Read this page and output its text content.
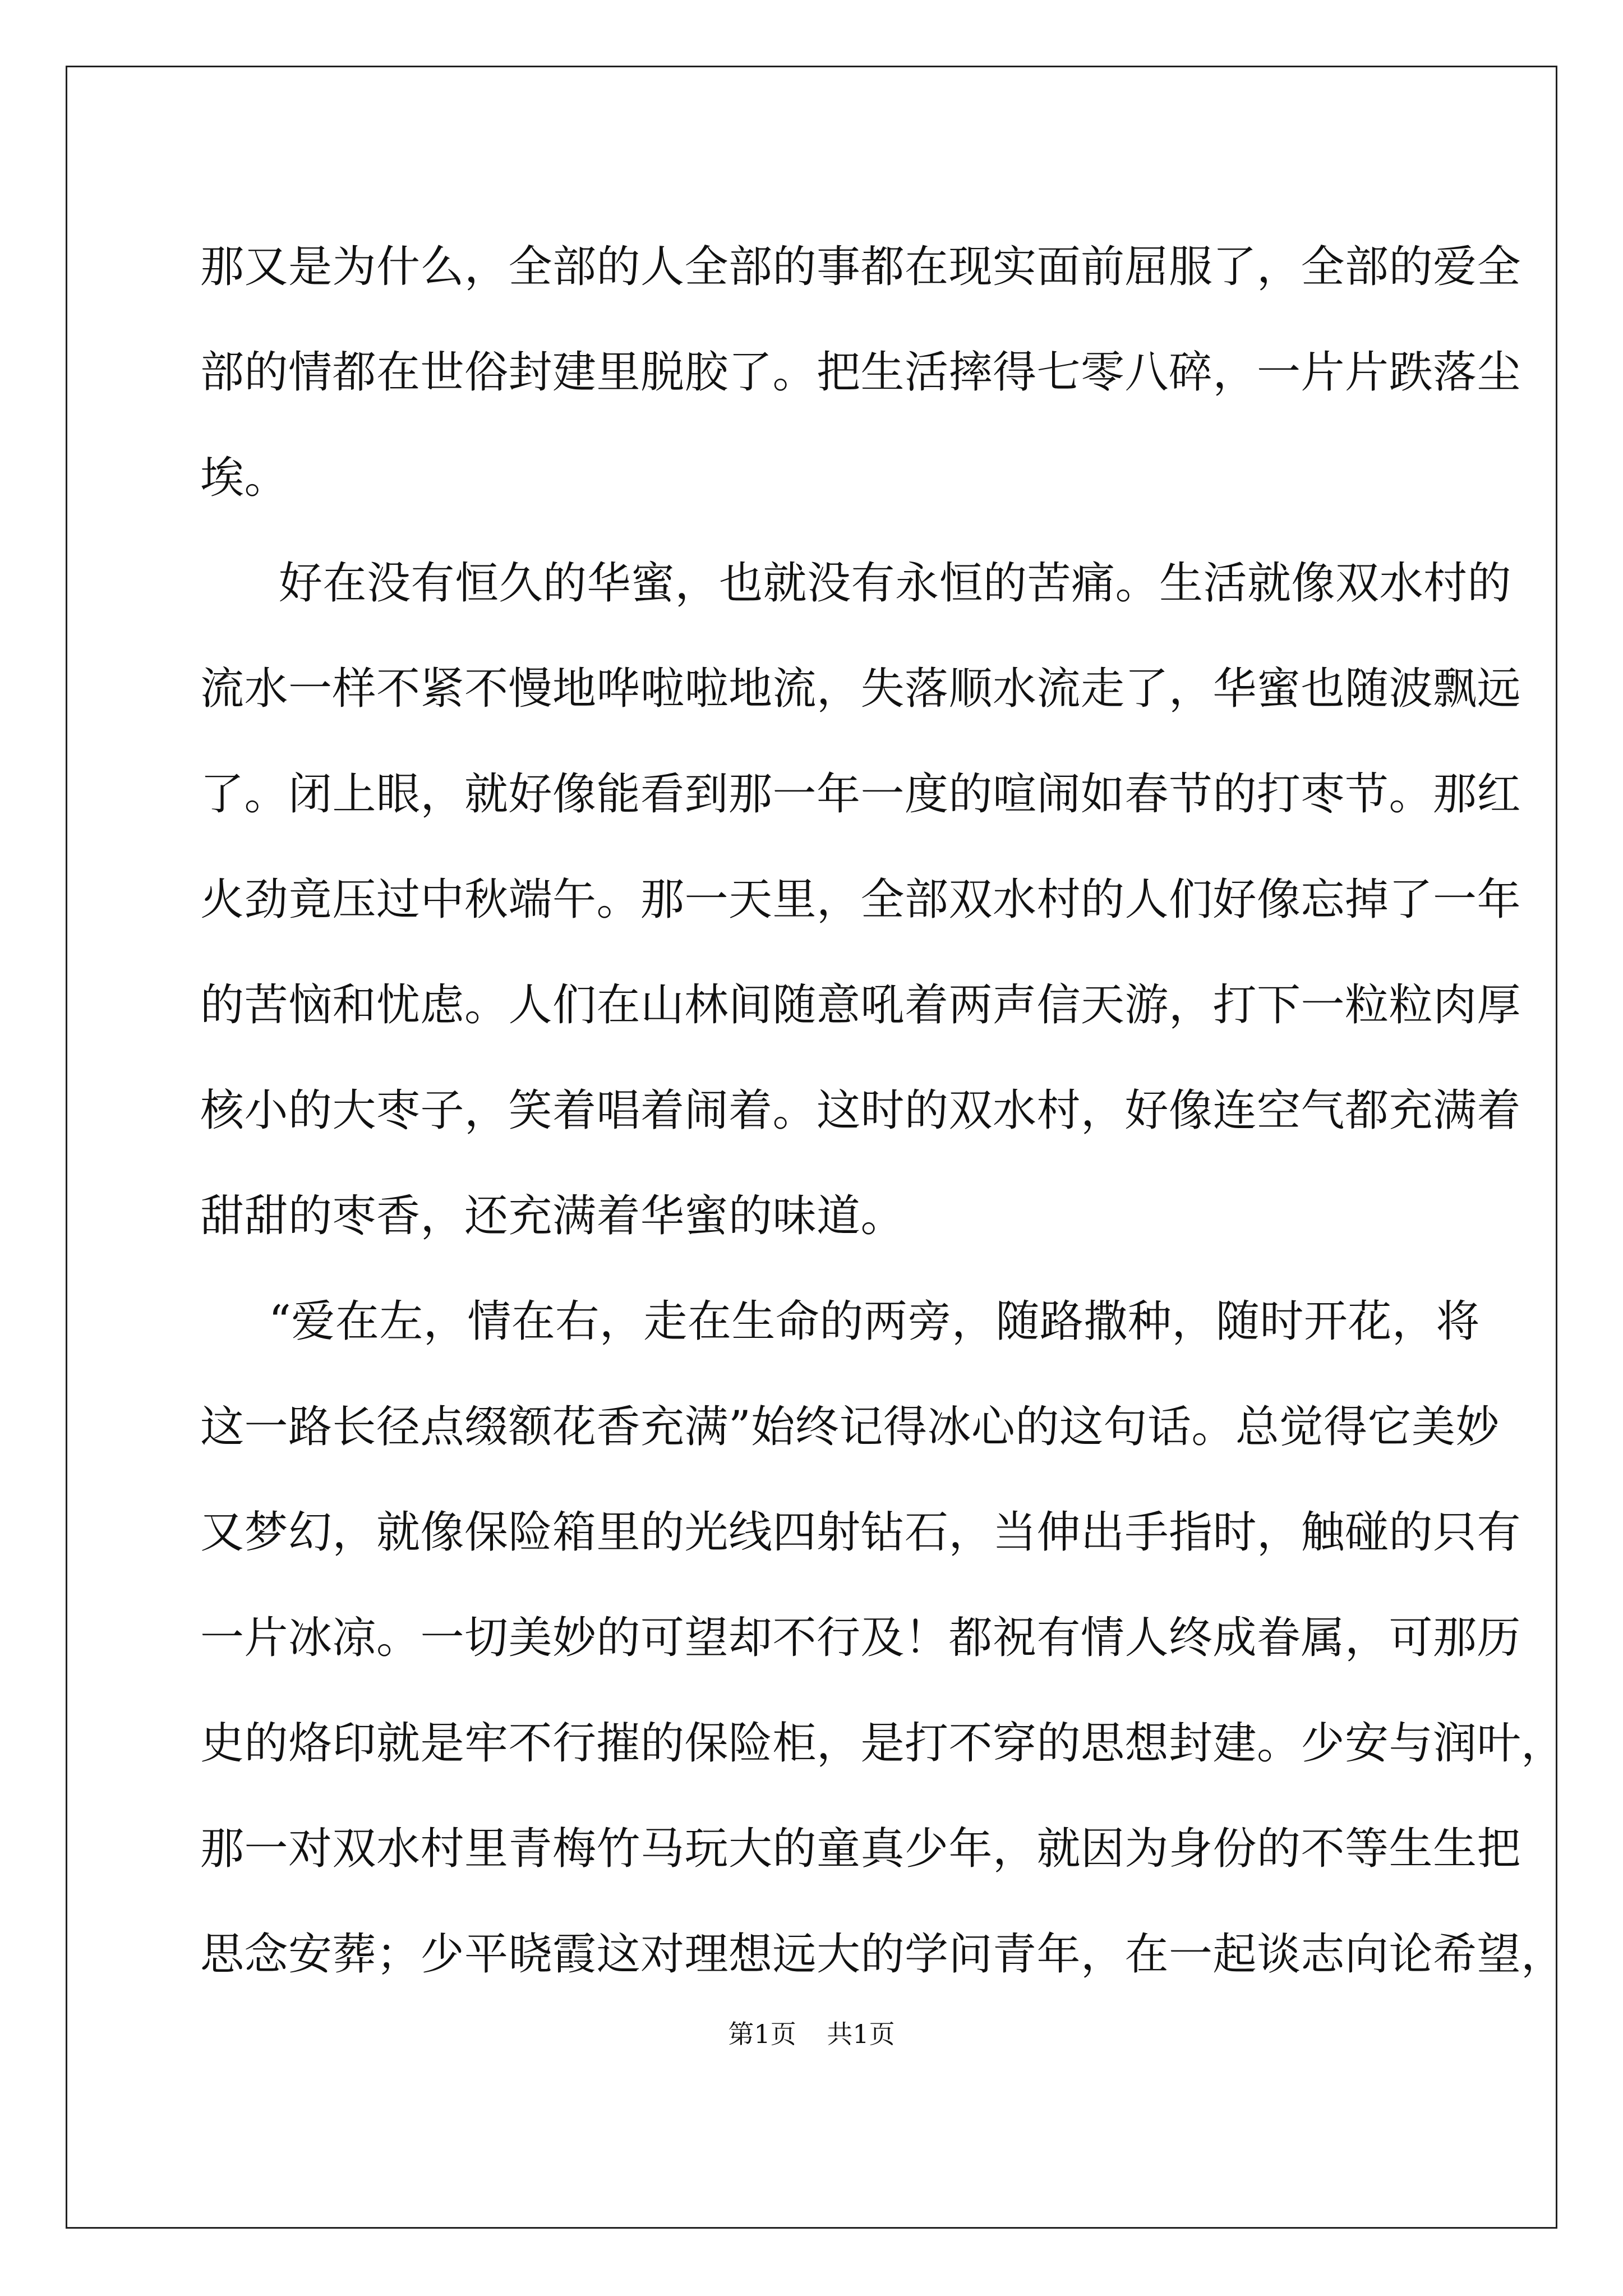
那又是为什么，全部的人全部的事都在现实面前屈服了，全部的爱全
部的情都在世俗封建里脱胶了。把生活摔得七零八碎，一片片跌落尘
埃。
好在没有恒久的华蜜，也就没有永恒的苦痛。生活就像双水村的
流水一样不紧不慢地哗啦啦地流，失落顺水流走了，华蜜也随波飘远
了。闭上眼，就好像能看到那一年一度的喧闹如春节的打枣节。那红
火劲竟压过中秋端午。那一天里，全部双水村的人们好像忘掉了一年
的苦恼和忧虑。人们在山林间随意吼着两声信天游，打下一粒粒肉厚
核小的大枣子，笑着唱着闹着。这时的双水村，好像连空气都充满着
甜甜的枣香，还充满着华蜜的味道。
“爱在左，情在右，走在生命的两旁，随路撒种，随时开花，将
这一路长径点缀额花香充满”始终记得冰心的这句话。总觉得它美妙
又梦幻，就像保险箱里的光线四射钻石，当伸出手指时，触碰的只有
一片冰凉。一切美妙的可望却不行及！都祝有情人终成眷属，可那历
史的烙印就是牢不行摧的保险柜，是打不穿的思想封建。少安与润叶，
那一对双水村里青梅竹马玩大的童真少年，就因为身份的不等生生把
思念安葬；少平晓霞这对理想远大的学问青年，在一起谈志向论希望，
第1页 共1页
